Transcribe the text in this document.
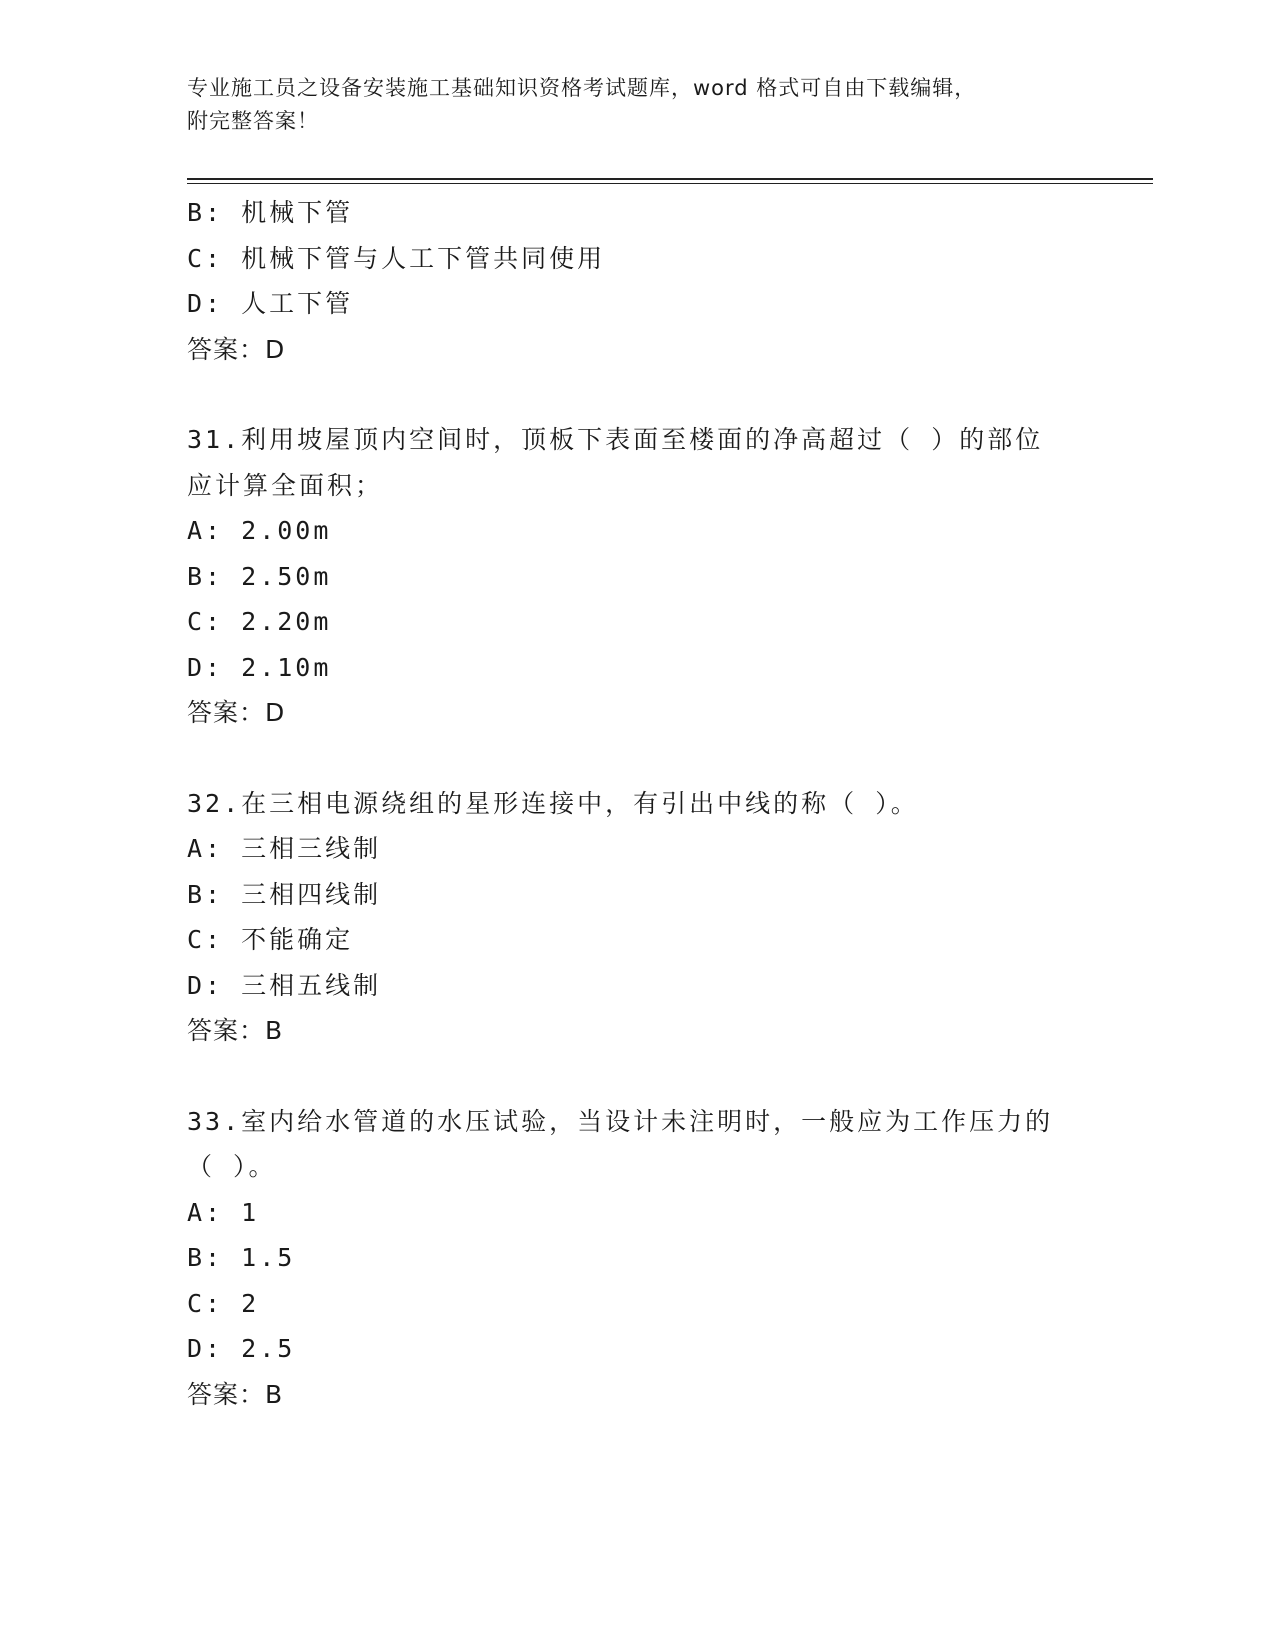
专业施工员之设备安装施工基础知识资格考试题库，word 格式可自由下载编辑，
附完整答案！
B: 机械下管
C: 机械下管与人工下管共同使用
D: 人工下管
答案：D
31.利用坡屋顶内空间时，顶板下表面至楼面的净高超过（ ）的部位
应计算全面积；
A: 2.00m
B: 2.50m
C: 2.20m
D: 2.10m
答案：D
32.在三相电源绕组的星形连接中，有引出中线的称（ ）。
A: 三相三线制
B: 三相四线制
C: 不能确定
D: 三相五线制
答案：B
33.室内给水管道的水压试验，当设计未注明时，一般应为工作压力的
（ ）。
A: 1
B: 1.5
C: 2
D: 2.5
答案：B
